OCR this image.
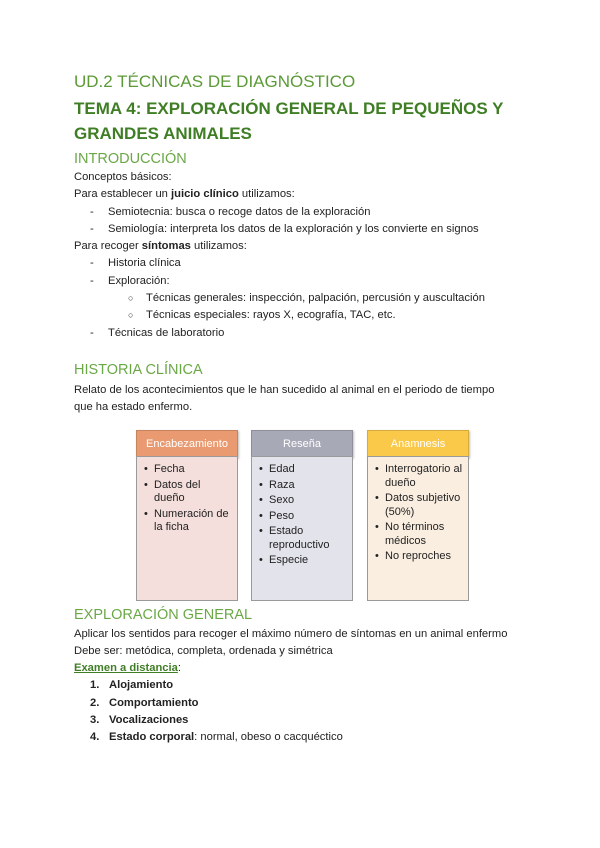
UD.2 TÉCNICAS DE DIAGNÓSTICO
TEMA 4: EXPLORACIÓN GENERAL DE PEQUEÑOS Y
GRANDES ANIMALES
INTRODUCCIÓN

Conceptos básicos:

Para establecer un juicio clínico utilizamos:

- Semiotecnia: busca o recoge datos de la exploración
- Semiología: interpreta los datos de la exploración y los convierte en signos

Para recoger síntomas utilizamos:

- Historia clínica
- Exploración:
○ Técnicas generales: inspección, palpación, percusión y auscultación
○ Técnicas especiales: rayos X, ecografía, TAC, etc.
- Técnicas de laboratorio
HISTORIA CLÍNICA

Relato de los acontecimientos que le han sucedido al animal en el periodo de tiempo

que ha estado enfermo.

EXPLORACIÓN GENERAL

Aplicar los sentidos para recoger el máximo número de síntomas en un animal enfermo

Debe ser: metódica, completa, ordenada y simétrica

Examen a distancia:

1. Alojamiento
2. Comportamiento
3. Vocalizaciones
4. Estado corporal: normal, obeso o cacquéctico
Encabezamiento
• Fecha
• Datos del dueño
• Numeración de la ficha
Reseña
• Edad
• Raza
• Sexo
• Peso
• Estado reproductivo
• Especie
Anamnesis
• Interrogatorio al dueño
• Datos subjetivo (50%)
• No términos médicos
• No reproches
